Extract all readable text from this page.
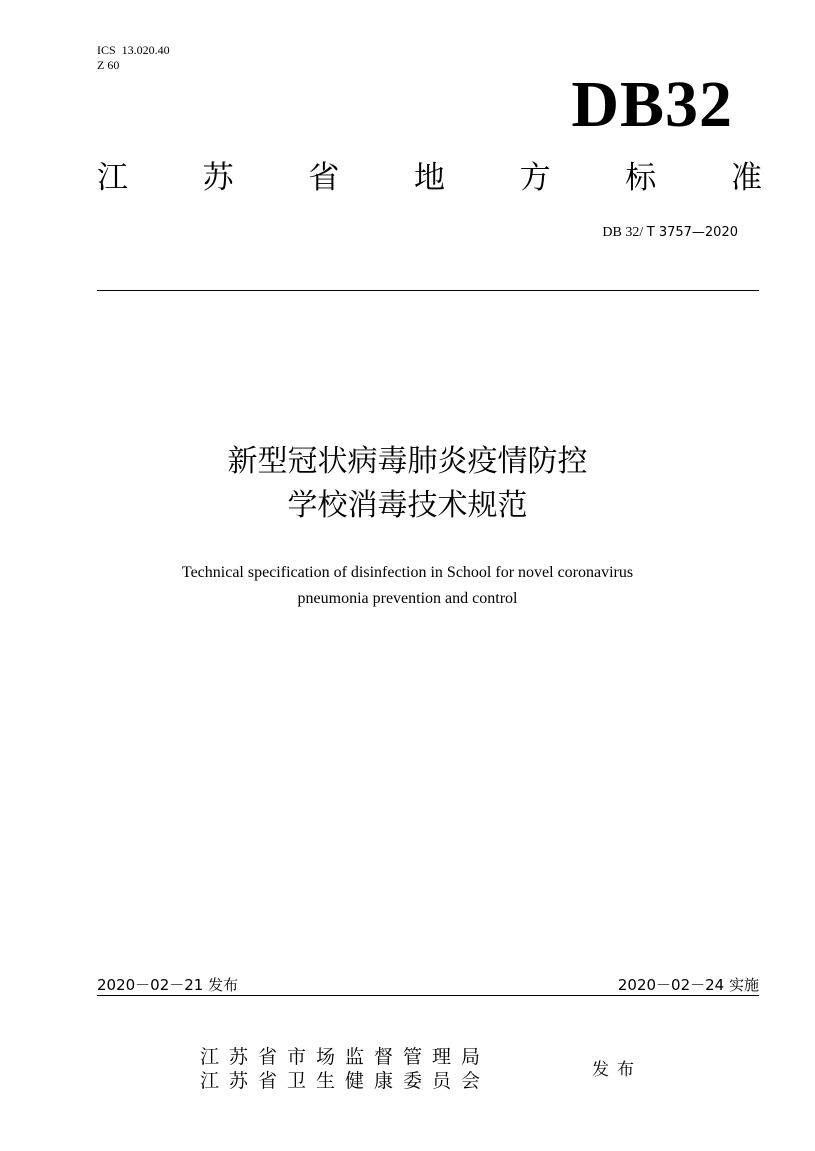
ICS  13.020.40
Z 60
DB32
江 苏 省 地 方 标 准
DB 32/ T 3757—2020
新型冠状病毒肺炎疫情防控
学校消毒技术规范
Technical specification of disinfection in School for novel coronavirus
pneumonia prevention and control
2020－02－21 发布	2020－02－24 实施
江苏省市场监督管理局
江苏省卫生健康委员会	发布
